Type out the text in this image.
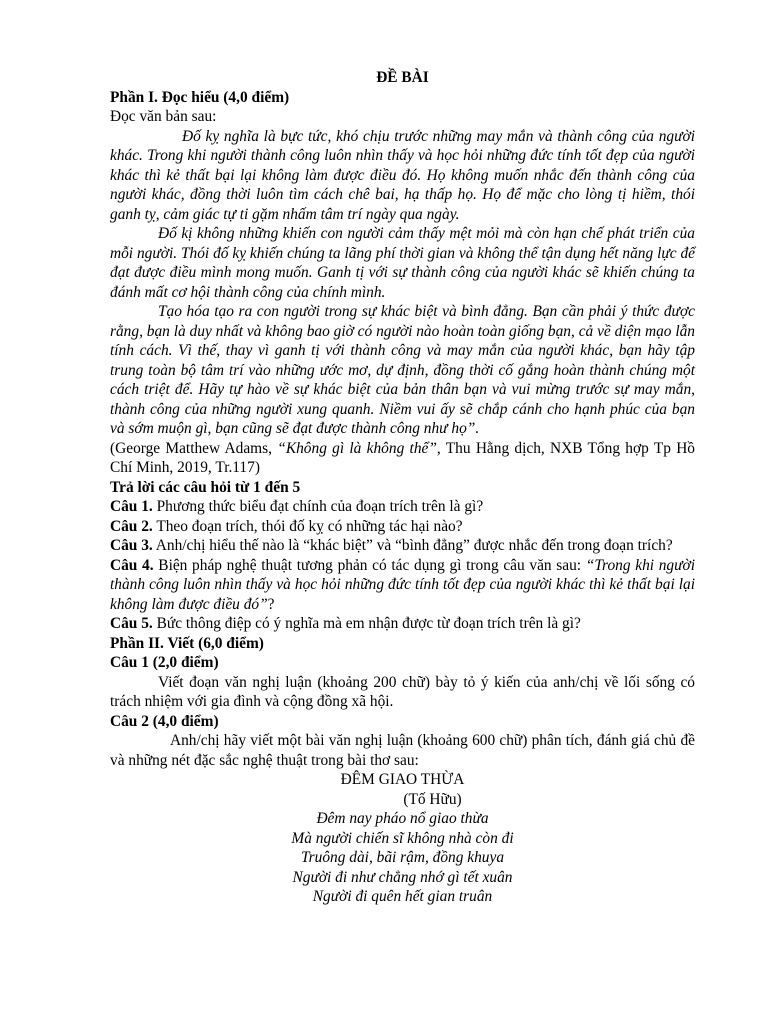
ĐỀ BÀI

Phần I. Đọc hiểu (4,0 điểm)

Đọc văn bản sau:

Đố kỵ nghĩa là bực tức, khó chịu trước những may mắn và thành công của người khác. Trong khi người thành công luôn nhìn thấy và học hỏi những đức tính tốt đẹp của người khác thì kẻ thất bại lại không làm được điều đó. Họ không muốn nhắc đến thành công của người khác, đồng thời luôn tìm cách chê bai, hạ thấp họ. Họ để mặc cho lòng tị hiềm, thói ganh tỵ, cảm giác tự ti gặm nhấm tâm trí ngày qua ngày.

Đố kị không những khiến con người cảm thấy mệt mỏi mà còn hạn chế phát triển của mỗi người. Thói đố kỵ khiến chúng ta lãng phí thời gian và không thể tận dụng hết năng lực để đạt được điều mình mong muốn. Ganh tị với sự thành công của người khác sẽ khiến chúng ta đánh mất cơ hội thành công của chính mình.

Tạo hóa tạo ra con người trong sự khác biệt và bình đẳng. Bạn cần phải ý thức được rằng, bạn là duy nhất và không bao giờ có người nào hoàn toàn giống bạn, cả về diện mạo lẫn tính cách. Vì thế, thay vì ganh tị với thành công và may mắn của người khác, bạn hãy tập trung toàn bộ tâm trí vào những ước mơ, dự định, đồng thời cố gắng hoàn thành chúng một cách triệt để. Hãy tự hào về sự khác biệt của bản thân bạn và vui mừng trước sự may mắn, thành công của những người xung quanh. Niềm vui ấy sẽ chắp cánh cho hạnh phúc của bạn và sớm muộn gì, bạn cũng sẽ đạt được thành công như họ”.

(George Matthew Adams, “Không gì là không thể”, Thu Hằng dịch, NXB Tổng hợp Tp Hồ Chí Minh, 2019, Tr.117)

Trả lời các câu hỏi từ 1 đến 5

Câu 1. Phương thức biểu đạt chính của đoạn trích trên là gì?

Câu 2. Theo đoạn trích, thói đố kỵ có những tác hại nào?

Câu 3. Anh/chị hiểu thế nào là “khác biệt” và “bình đẳng” được nhắc đến trong đoạn trích?

Câu 4. Biện pháp nghệ thuật tương phản có tác dụng gì trong câu văn sau: “Trong khi người thành công luôn nhìn thấy và học hỏi những đức tính tốt đẹp của người khác thì kẻ thất bại lại không làm được điều đó”?

Câu 5. Bức thông điệp có ý nghĩa mà em nhận được từ đoạn trích trên là gì?

Phần II. Viết (6,0 điểm)

Câu 1 (2,0 điểm)

Viết đoạn văn nghị luận (khoảng 200 chữ) bày tỏ ý kiến của anh/chị về lối sống có trách nhiệm với gia đình và cộng đồng xã hội.

Câu 2 (4,0 điểm)

Anh/chị hãy viết một bài văn nghị luận (khoảng 600 chữ) phân tích, đánh giá chủ đề và những nét đặc sắc nghệ thuật trong bài thơ sau:

ĐÊM GIAO THỪA

(Tố Hữu)

Đêm nay pháo nổ giao thừa

Mà người chiến sĩ không nhà còn đi

Truông dài, bãi rậm, đồng khuya

Người đi như chẳng nhớ gì tết xuân

Người đi quên hết gian truân
